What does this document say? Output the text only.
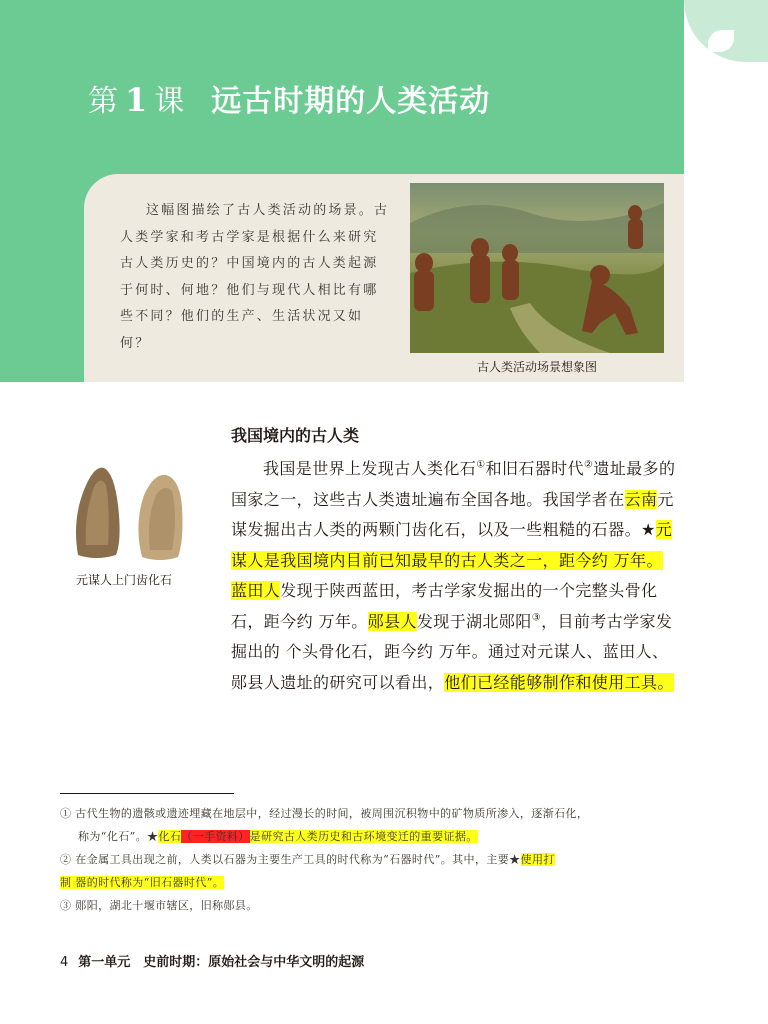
第 1 课 远古时期的人类活动
这幅图描绘了古人类活动的场景。古人类学家和考古学家是根据什么来研究古人类历史的？中国境内的古人类起源于何时、何地？他们与现代人相比有哪些不同？他们的生产、生活状况又如何？
古人类活动场景想象图
元谋人上门齿化石
我国境内的古人类
我国是世界上发现古人类化石①和旧石器时代②遗址最多的国家之一，这些古人类遗址遍布全国各地。我国学者在云南元谋发掘出古人类的两颗门齿化石，以及一些粗糙的石器。★元谋人是我国境内目前已知最早的古人类之一，距今约 万年。蓝田人发现于陕西蓝田，考古学家发掘出的一个完整头骨化石，距今约 万年。郧县人发现于湖北郧阳③，目前考古学家发掘出的 个头骨化石，距今约 万年。通过对元谋人、蓝田人、郧县人遗址的研究可以看出，他们已经能够制作和使用工具。
① 古代生物的遗骸或遗迹埋藏在地层中，经过漫长的时间，被周围沉积物中的矿物质所渗入，逐渐石化，
称为“化石”。★化石（一手资料）是研究古人类历史和古环境变迁的重要证据。
② 在金属工具出现之前，人类以石器为主要生产工具的时代称为“石器时代”。其中，主要★使用打
制 器的时代称为“旧石器时代”。
③ 郧阳，湖北十堰市辖区，旧称郧县。
4 第一单元　史前时期：原始社会与中华文明的起源
